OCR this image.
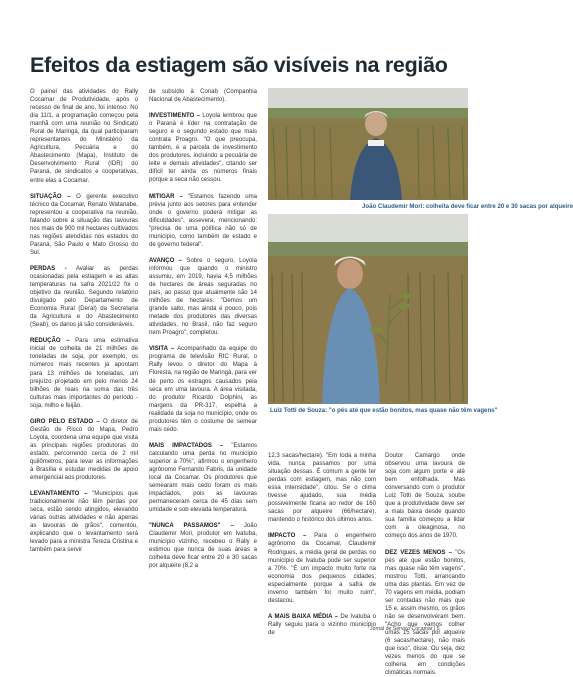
Efeitos da estiagem são visíveis na região

O painel das atividades do Rally Cocamar de Produtividade, após o recesso de final de ano, foi intenso. No dia 11/1, a programação começou pela manhã com uma reunião no Sindicato Rural de Maringá, da qual participaram representantes do Ministério da Agricultura, Pecuária e do Abastecimento (Mapa), Instituto de Desenvolvimento Rural (IDR) do Paraná, de sindicatos e cooperativas, entre elas a Cocamar.

SITUAÇÃO – O gerente executivo técnico da Cocamar, Renato Watanabe, representou a cooperativa na reunião, falando sobre a situação das lavouras nos mais de 900 mil hectares cultivados nas regiões atendidas nos estados do Paraná, São Paulo e Mato Grosso do Sul.

PERDAS - Avaliar as perdas ocasionadas pela estiagem e as altas temperaturas na safra 2021/22 foi o objetivo da reunião. Segundo relatório divulgado pelo Departamento de Economia Rural (Deral) da Secretaria da Agricultura e do Abastecimento (Seab), os danos já são consideráveis.

REDUÇÃO – Para uma estimativa inicial de colheita de 21 milhões de toneladas de soja, por exemplo, os números mais recentes já apontam para 13 milhões de toneladas, um prejuízo projetado em pelo menos 24 bilhões de reais na soma das três culturas mais importantes do período - soja, milho e feijão.

GIRO PELO ESTADO – O diretor de Gestão de Risco do Mapa, Pedro Loyola, coordena uma equipe que visita as principais regiões produtoras do estado, percorrendo cerca de 2 mil quilômetros, para levar as informações à Brasília e estudar medidas de apoio emergencial aos produtores.

LEVANTAMENTO – "Municípios que tradicionalmente não têm perdas por seca, estão sendo atingidos, elevando várias outras atividades e não apenas as lavouras de grãos", comentou, explicando que o levantamento será levado para a ministra Tereza Cristina e também para servir

de subsídio à Conab (Companhia Nacional de Abastecimento).

INVESTIMENTO – Loyola lembrou que o Paraná é líder na contratação de seguro e o segundo estado que mais contrata Proagro. "O que preocupa, também, é a parcela de investimento dos produtores, incluindo a pecuária de leite e demais atividades", citando ser difícil ter ainda os números finais porque a seca não cessou.

MITIGAR – "Estamos fazendo uma prévia junto aos setores para entender onde o governo poderá mitigar as dificuldades", assevera, mencionando: "precisa de uma política não só de município, como também de estado e de governo federal".

AVANÇO – Sobre o seguro, Loyola informou que quando o ministro assumiu, em 2019, havia 4,5 milhões de hectares de áreas seguradas no país, ao passo que atualmente são 14 milhões de hectares. "Demos um grande salto, mas ainda é pouco, pois metade dos produtores das diversas atividades, no Brasil, não faz seguro nem Proagro", completou.

VISITA – Acompanhado da equipe do programa de televisão RIC Rural, o Rally levou o diretor do Mapa à Floresta, na região de Maringá, para ver de perto os estragos causados pela seca em uma lavoura. A área visitada, do produtor Ricardo Dolphini, às margens da PR-317, espelha a realidade da soja no município, onde os produtores têm o costume de semear mais cedo.

MAIS IMPACTADOS – "Estamos calculando uma perda no município superior a 70%", afirmou o engenheiro agrônomo Fernando Fabris, da unidade local da Cocamar. Os produtores que semearam mais cedo foram os mais impactados, pois as lavouras permaneceram cerca de 45 dias sem umidade e sob elevada temperatura.

"NUNCA PASSAMOS" – João Claudemir Mori, produtor em Ivatuba, município vizinho, recebeu o Rally e estimou que nunca de suas áreas a colheita deve ficar entre 20 e 30 sacas por alqueire (8,2 a

João Claudemir Mori: colheita deve ficar entre 20 e 30 sacas por alqueire
Luiz Totti de Souza: "o pés até que estão bonitos, mas quase não têm vagens"

12,3 sacas/hectare). "Em toda a minha vida, nunca passamos por uma situação dessas. É comum a gente ter perdas com estiagem, mas não com essa intensidade", citou. Se o clima tivesse ajudado, sua média possivelmente ficaria ao redor de 160 sacas por alqueire (66/hectare), mantendo o histórico dos últimos anos.

IMPACTO – Para o engenheiro agrônomo da Cocamar, Claudemir Rodrigues, a média geral de perdas no município de Ivatuba pode ser superior a 70%. "É um impacto muito forte na economia dos pequenos cidades, especialmente porque a safra de inverno também foi muito ruim", destacou.

A MAIS BAIXA MÉDIA – De Ivatuba o Rally seguiu para o vizinho município de

Doutor Camargo onde observou uma lavoura de soja com algum porte e até bem enfolhada. Mas conversando com o produtor Luiz Totti de Souza, soube que a produtividade deve ser a mais baixa desde quando sua família começou a lidar com a oleaginosa, no começo dos anos de 1970.

DEZ VEZES MENOS – "Os pés até que estão bonitos, mas quase não têm vagens", mostrou Totti, arrancando uma das plantas. Em vez de 70 vagens em média, podiam ser contadas não mais que 15 e, assim mesmo, os grãos não se desenvolveram bem. "Acho que vamos colher umas 15 sacas por alqueire (6 sacas/hectare), não mais que isso", disse. Ou seja, dez vezes menos do que se colheria em condições climáticas normais.

Jornal de Serviço Cocamar | 5
